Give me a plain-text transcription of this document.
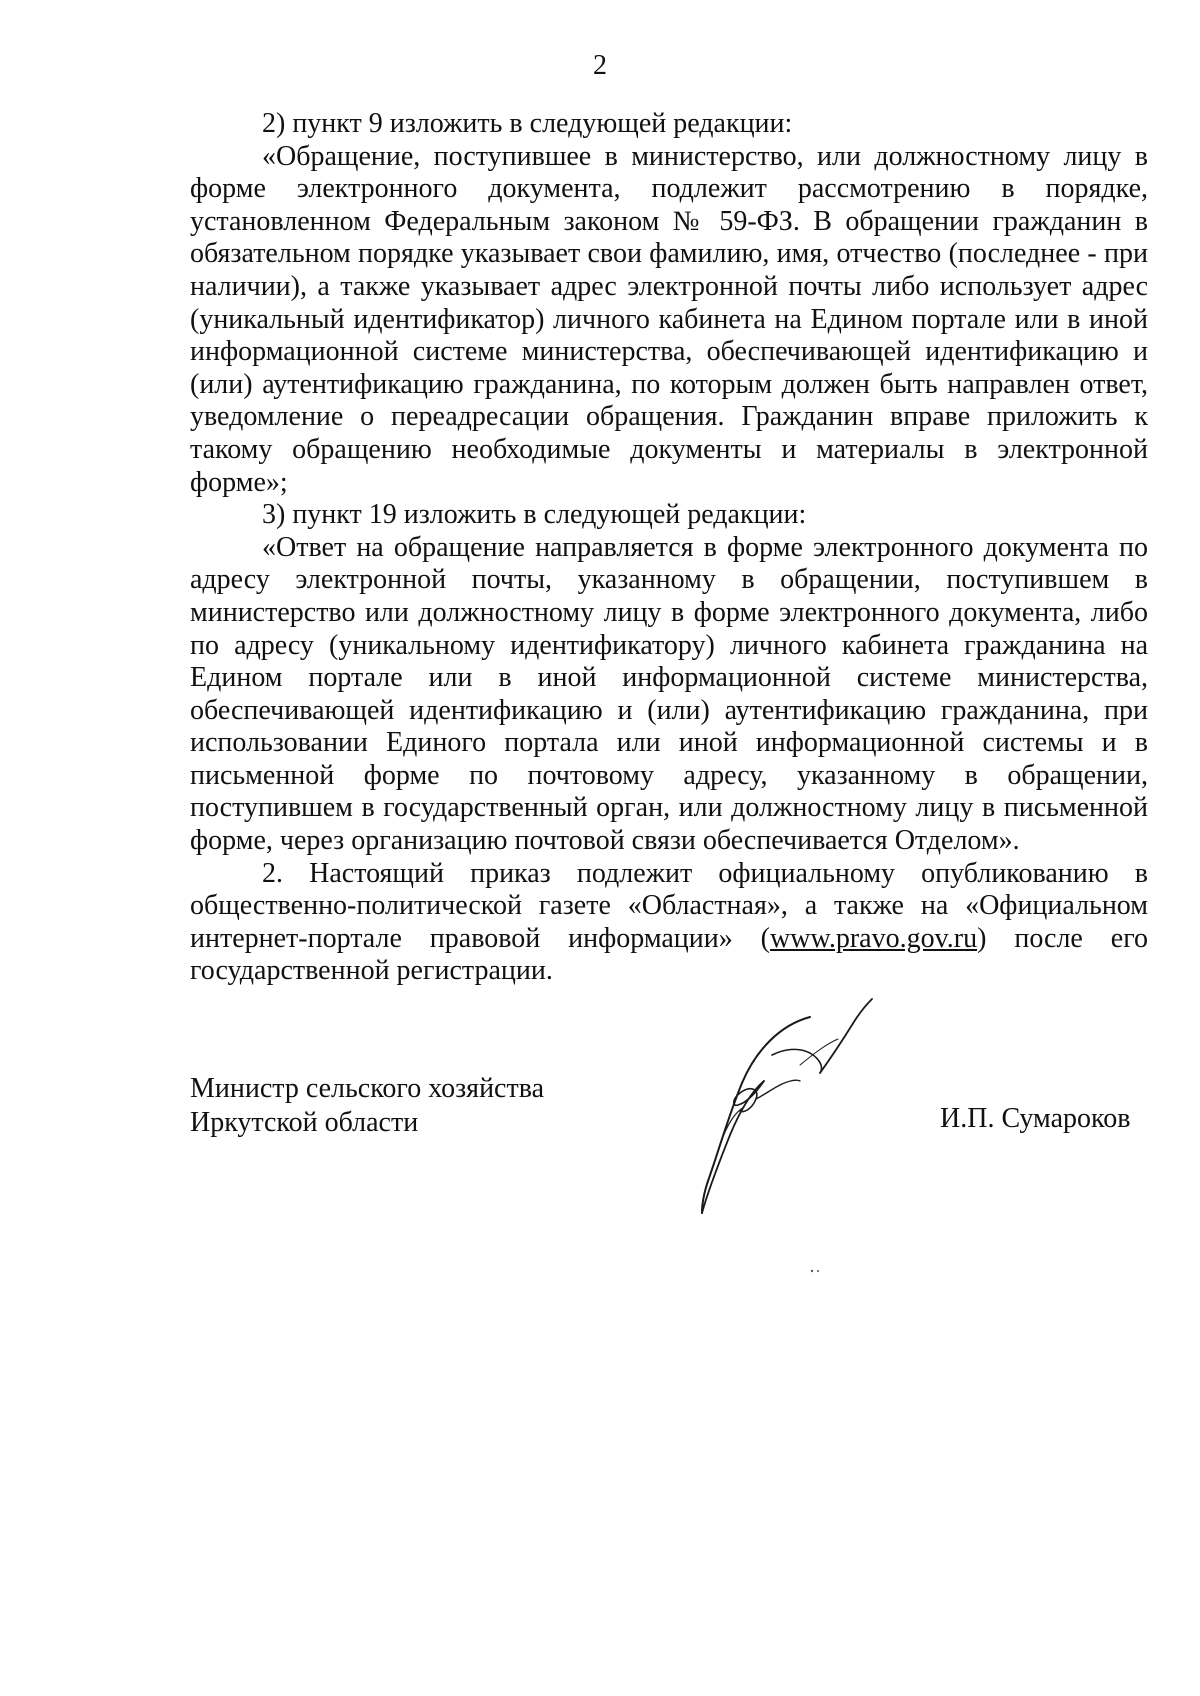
2

2) пункт 9 изложить в следующей редакции:

«Обращение, поступившее в министерство, или должностному лицу в форме электронного документа, подлежит рассмотрению в порядке, установленном Федеральным законом № 59-ФЗ. В обращении гражданин в обязательном порядке указывает свои фамилию, имя, отчество (последнее - при наличии), а также указывает адрес электронной почты либо использует адрес (уникальный идентификатор) личного кабинета на Едином портале или в иной информационной системе министерства, обеспечивающей идентификацию и (или) аутентификацию гражданина, по которым должен быть направлен ответ, уведомление о переадресации обращения. Гражданин вправе приложить к такому обращению необходимые документы и материалы в электронной форме»;

3) пункт 19 изложить в следующей редакции:

«Ответ на обращение направляется в форме электронного документа по адресу электронной почты, указанному в обращении, поступившем в министерство или должностному лицу в форме электронного документа, либо по адресу (уникальному идентификатору) личного кабинета гражданина на Едином портале или в иной информационной системе министерства, обеспечивающей идентификацию и (или) аутентификацию гражданина, при использовании Единого портала или иной информационной системы и в письменной форме по почтовому адресу, указанному в обращении, поступившем в государственный орган, или должностному лицу в письменной форме, через организацию почтовой связи обеспечивается Отделом».

2. Настоящий приказ подлежит официальному опубликованию в общественно-политической газете «Областная», а также на «Официальном интернет-портале правовой информации» (www.pravo.gov.ru) после его государственной регистрации.

Министр сельского хозяйства
Иркутской области	И.П. Сумароков
